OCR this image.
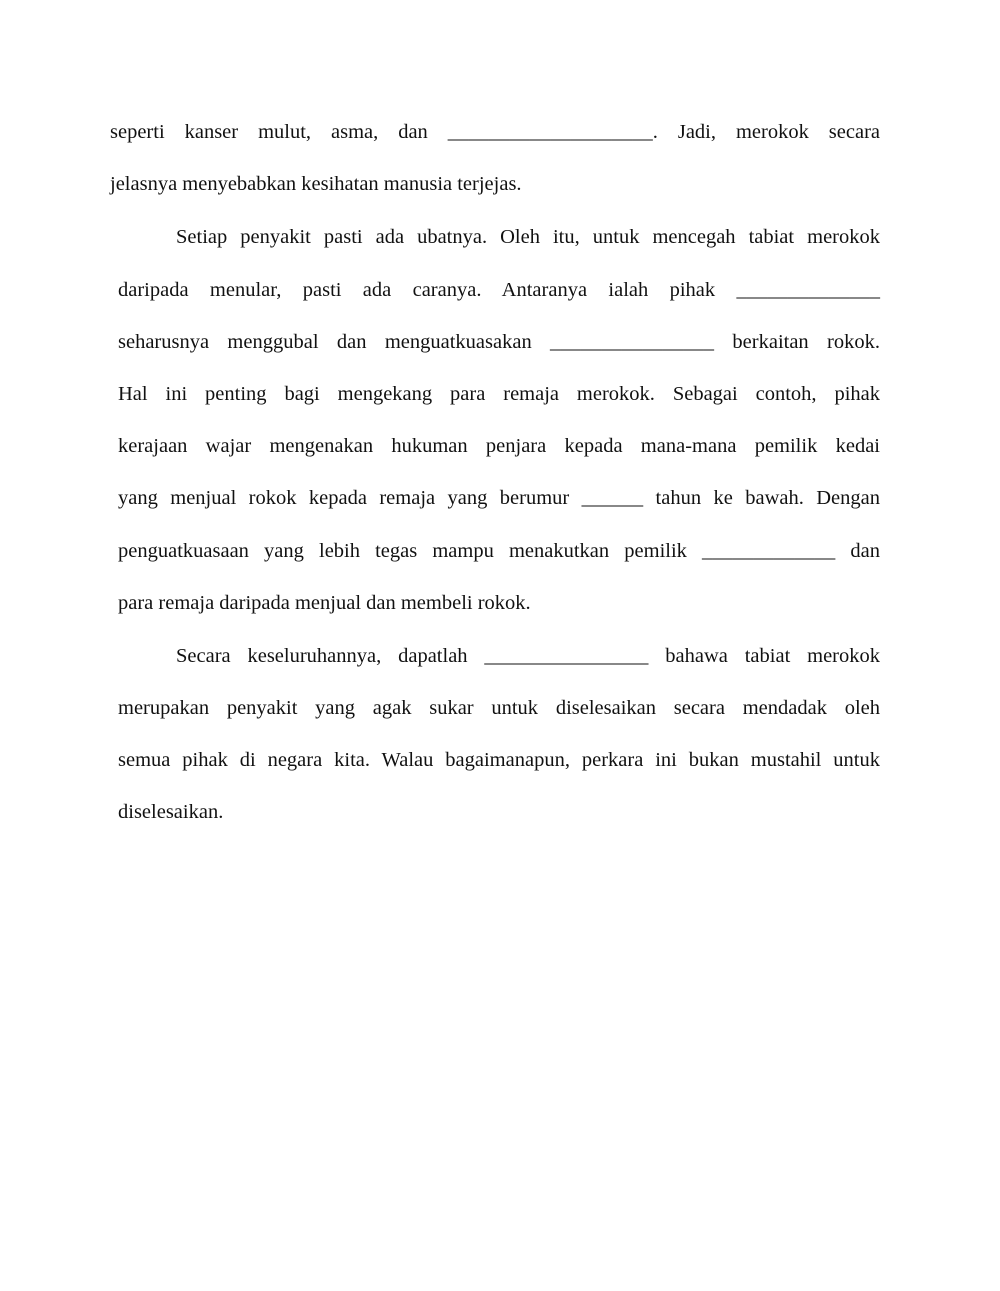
seperti kanser mulut, asma, dan ____________________. Jadi, merokok secara
jelasnya menyebabkan kesihatan manusia terjejas.
Setiap penyakit pasti ada ubatnya. Oleh itu, untuk mencegah tabiat merokok
daripada menular, pasti ada caranya. Antaranya ialah pihak ______________
seharusnya menggubal dan menguatkuasakan ________________ berkaitan rokok.
Hal ini penting bagi mengekang para remaja merokok. Sebagai contoh, pihak
kerajaan wajar mengenakan hukuman penjara kepada mana-mana pemilik kedai
yang menjual rokok kepada remaja yang berumur ______ tahun ke bawah. Dengan
penguatkuasaan yang lebih tegas mampu menakutkan pemilik _____________ dan
para remaja daripada menjual dan membeli rokok.
Secara keseluruhannya, dapatlah ________________ bahawa tabiat merokok
merupakan penyakit yang agak sukar untuk diselesaikan secara mendadak oleh
semua pihak di negara kita. Walau bagaimanapun, perkara ini bukan mustahil untuk
diselesaikan.
